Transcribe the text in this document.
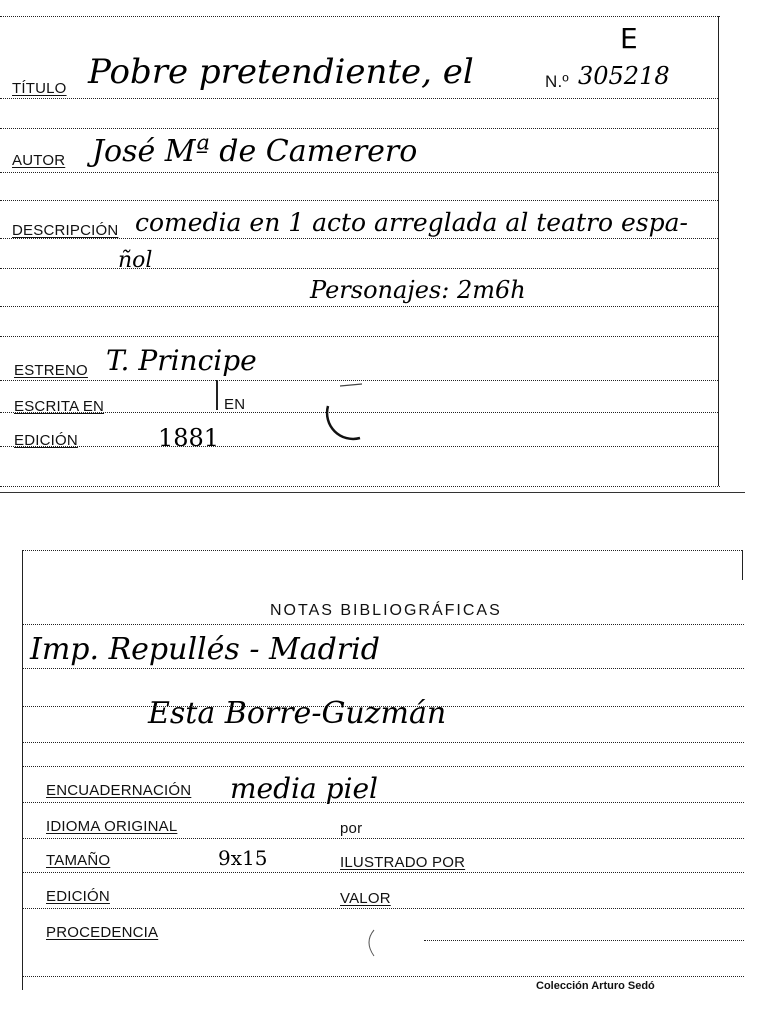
E
TÍTULO Pobre pretendiente, el	N.º 305218
AUTOR José Mª de Camerero
DESCRIPCIÓN comedia en 1 acto arreglada al teatro espa-
ñol
Personajes: 2m6h
ESTRENO T. Principe
ESCRITA EN	EN
EDICIÓN	1881
NOTAS BIBLIOGRÁFICAS
Imp. Repullés - Madrid
Esta Borre-Guzmán
ENCUADERNACIÓN media piel
IDIOMA ORIGINAL	por
TAMAÑO	9x15	ILUSTRADO POR
EDICIÓN	VALOR
PROCEDENCIA
Colección Arturo Sedó
